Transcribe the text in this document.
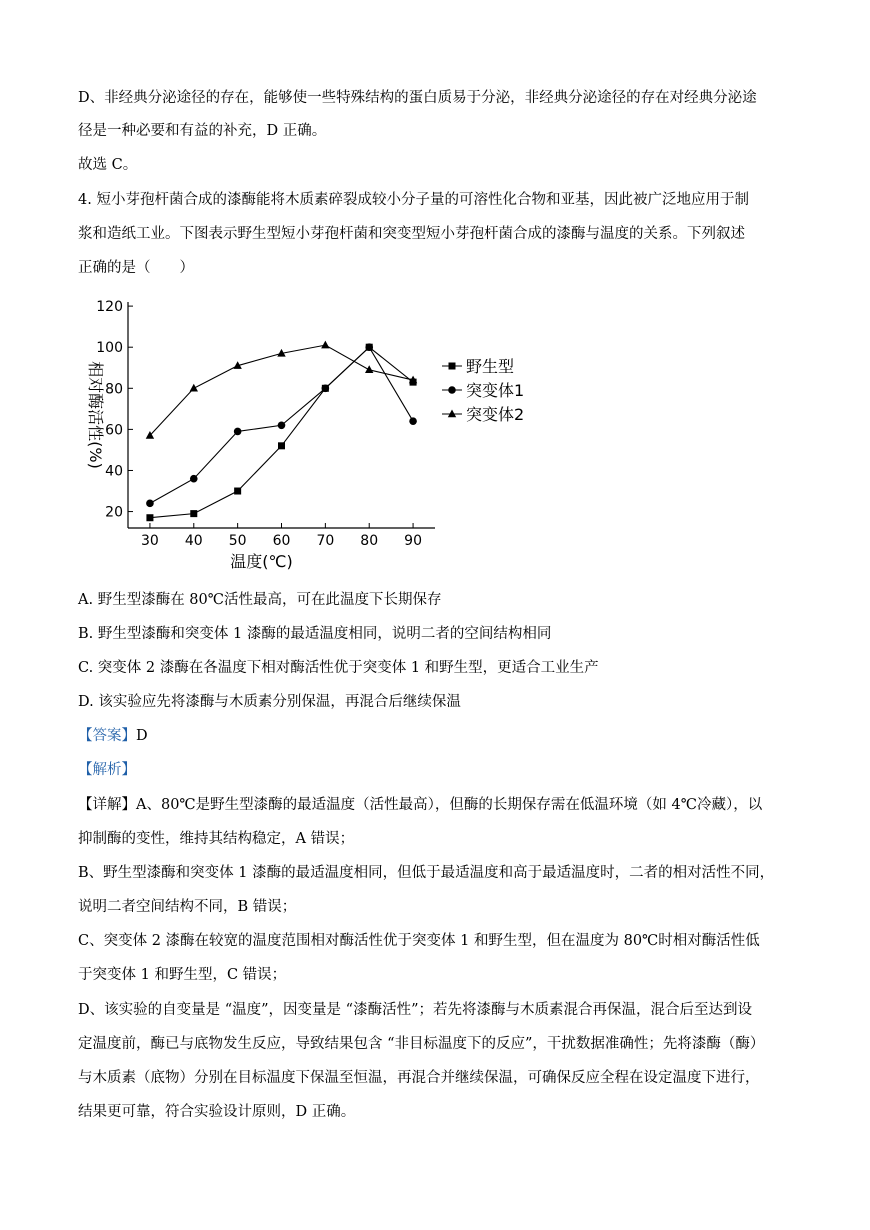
D、非经典分泌途径的存在，能够使一些特殊结构的蛋白质易于分泌，非经典分泌途径的存在对经典分泌途
径是一种必要和有益的补充，D 正确。
故选 C。
4. 短小芽孢杆菌合成的漆酶能将木质素碎裂成较小分子量的可溶性化合物和亚基，因此被广泛地应用于制
浆和造纸工业。下图表示野生型短小芽孢杆菌和突变型短小芽孢杆菌合成的漆酶与温度的关系。下列叙述
正确的是（　　）
20
40
60
80
100
120
30 40 50 60 70 80 90
野生型
突变体1
突变体2
相对酶活性(%)
温度(℃)
A. 野生型漆酶在 80℃活性最高，可在此温度下长期保存
B. 野生型漆酶和突变体 1 漆酶的最适温度相同，说明二者的空间结构相同
C. 突变体 2 漆酶在各温度下相对酶活性优于突变体 1 和野生型，更适合工业生产
D. 该实验应先将漆酶与木质素分别保温，再混合后继续保温
【答案】D
【解析】
【详解】A、80℃是野生型漆酶的最适温度（活性最高），但酶的长期保存需在低温环境（如 4℃冷藏），以
抑制酶的变性，维持其结构稳定，A 错误；
B、野生型漆酶和突变体 1 漆酶的最适温度相同，但低于最适温度和高于最适温度时，二者的相对活性不同，
说明二者空间结构不同，B 错误；
C、突变体 2 漆酶在较宽的温度范围相对酶活性优于突变体 1 和野生型，但在温度为 80℃时相对酶活性低
于突变体 1 和野生型，C 错误；
D、该实验的自变量是 “温度”，因变量是 “漆酶活性”；若先将漆酶与木质素混合再保温，混合后至达到设
定温度前，酶已与底物发生反应，导致结果包含 “非目标温度下的反应”，干扰数据准确性；先将漆酶（酶）
与木质素（底物）分别在目标温度下保温至恒温，再混合并继续保温，可确保反应全程在设定温度下进行，
结果更可靠，符合实验设计原则，D 正确。
